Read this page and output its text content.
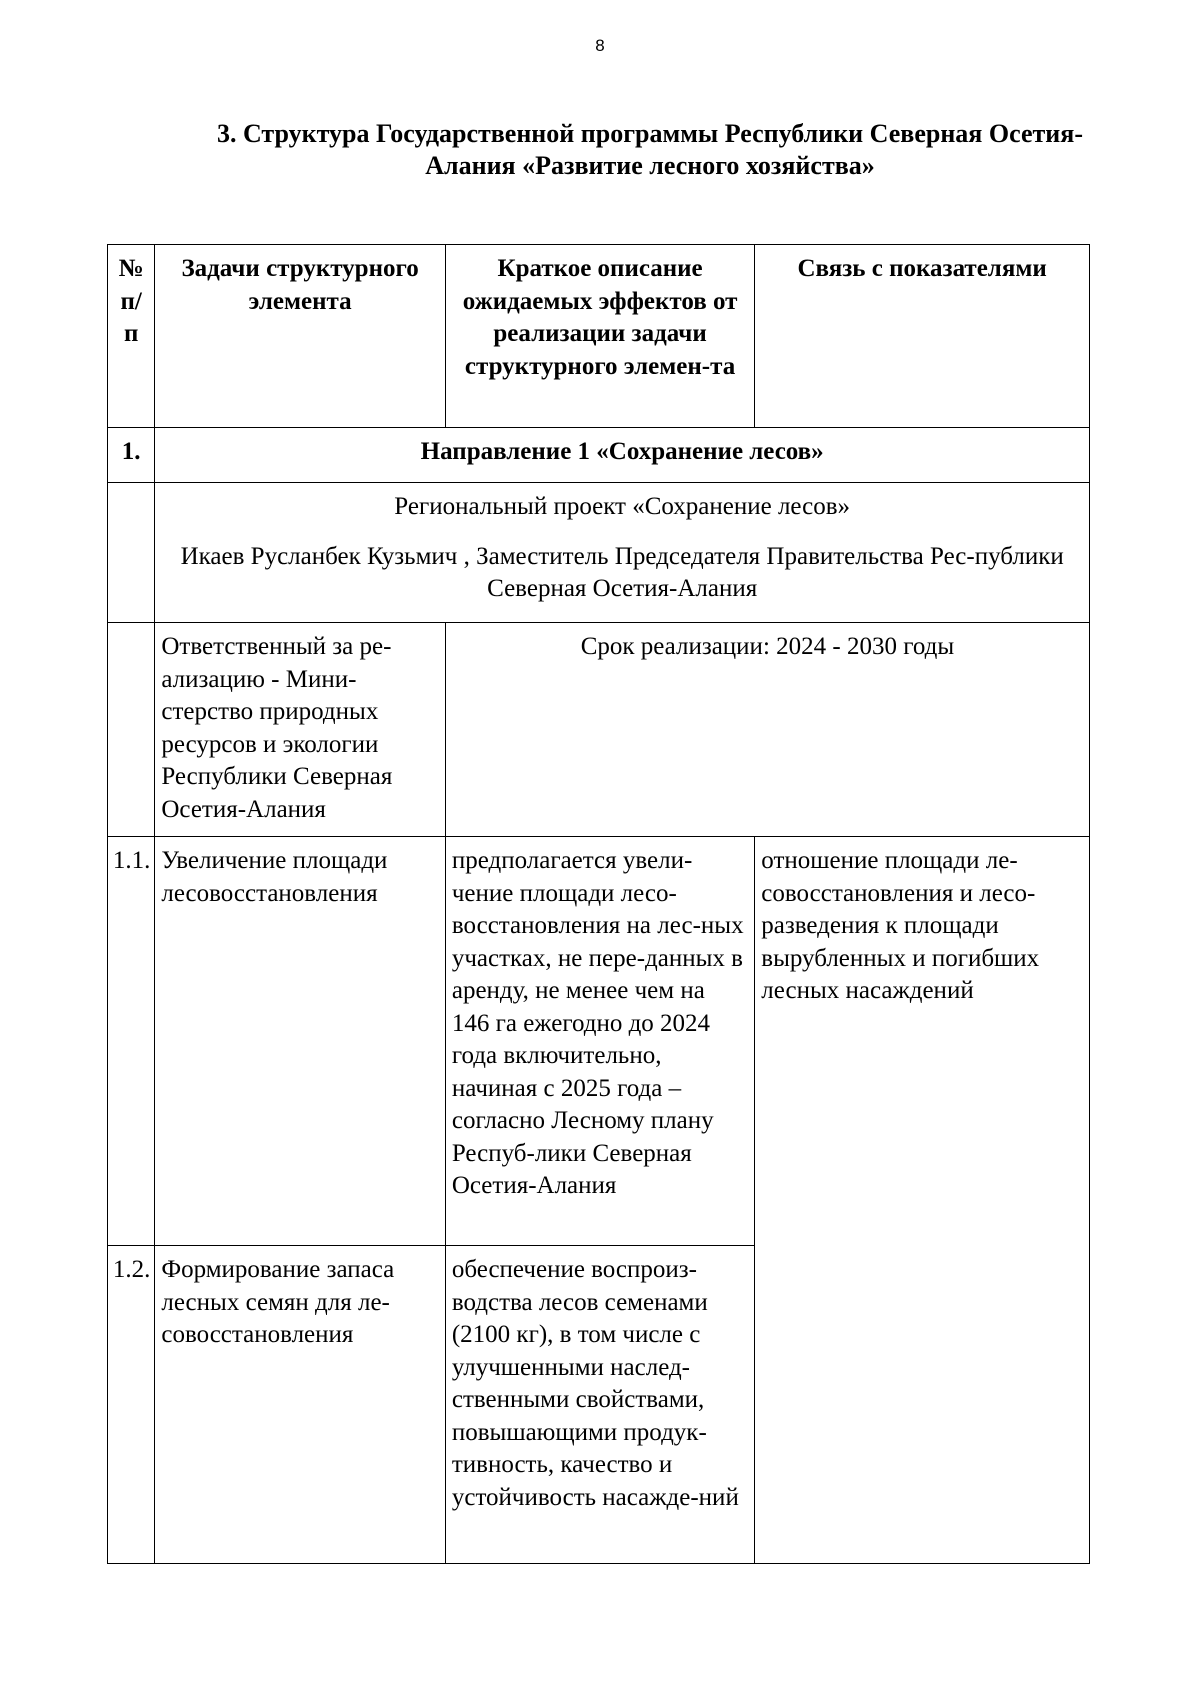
8
3. Структура Государственной программы Республики Северная Осетия-Алания «Развитие лесного хозяйства»
№ п/п	Задачи структурного элемента	Краткое описание ожидаемых эффектов от реализации задачи структурного элемен-та	Связь с показателями
1.	Направление 1 «Сохранение лесов»		

	Региональный проект «Сохранение лесов»
Икаев Русланбек Кузьмич , Заместитель Председателя Правительства Рес-публики Северная Осетия-Алания		

	Ответственный за ре-ализацию - Мини-стерство природных ресурсов и экологии Республики Северная Осетия-Алания	Срок реализации: 2024 - 2030 годы	
1.1.	Увеличение площади лесовосстановления	предполагается увели-чение площади лесо-восстановления на лес-ных участках, не пере-данных в аренду, не менее чем на 146 га ежегодно до 2024 года включительно, начиная с 2025 года – согласно Лесному плану Респуб-лики Северная Осетия-Алания	отношение площади ле-совосстановления и лесо-разведения к площади вырубленных и погибших лесных насаждений
1.2.	Формирование запаса лесных семян для ле-совосстановления	обеспечение воспроиз-водства лесов семенами (2100 кг), в том числе с улучшенными наслед-ственными свойствами, повышающими продук-тивность, качество и устойчивость насажде-ний	
